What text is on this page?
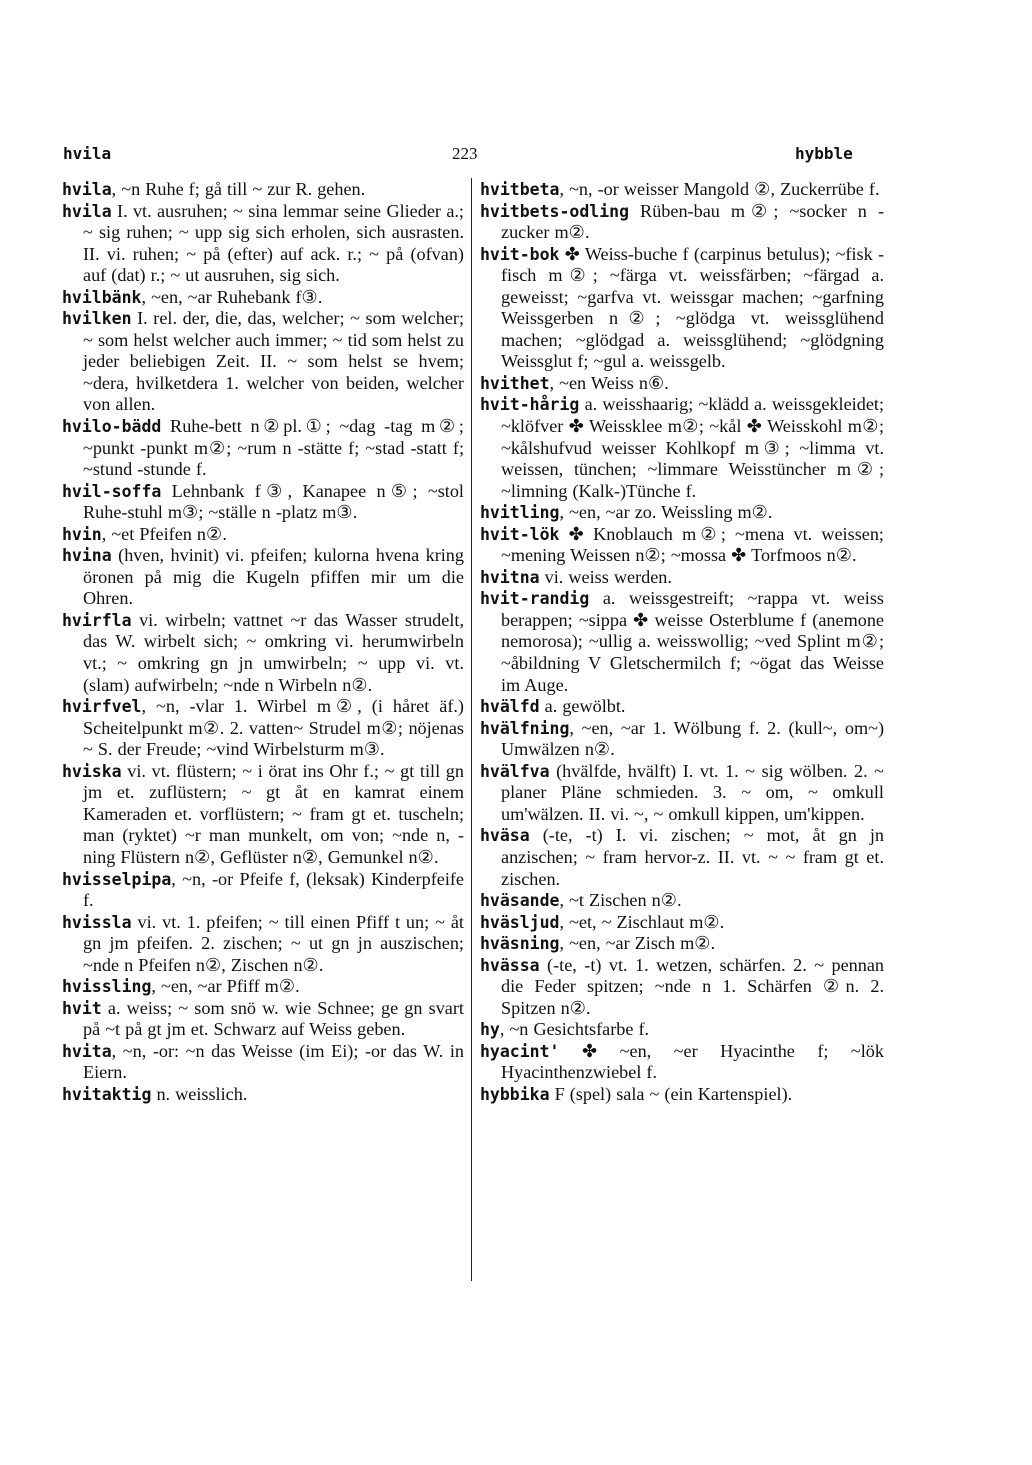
hvila	223	hybble

hvila, ~n Ruhe f; gå till ~ zur R. gehen.

hvila I. vt. ausruhen; ~ sina lemmar seine Glieder a.; ~ sig ruhen; ~ upp sig sich erholen, sich ausrasten. II. vi. ruhen; ~ på (efter) auf ack. r.; ~ på (ofvan) auf (dat) r.; ~ ut ausruhen, sig sich.

hvilbänk, ~en, ~ar Ruhebank f③.

hvilken I. rel. der, die, das, welcher; ~ som welcher; ~ som helst welcher auch immer; ~ tid som helst zu jeder beliebigen Zeit. II. ~ som helst se hvem; ~dera, hvilketdera 1. welcher von beiden, welcher von allen.

hvilo-bädd Ruhe-bett n②pl.①; ~dag -tag m②; ~punkt -punkt m②; ~rum n -stätte f; ~stad -statt f; ~stund -stunde f.

hvil-soffa Lehnbank f③, Kanapee n⑤; ~stol Ruhe-stuhl m③; ~ställe n -platz m③.

hvin, ~et Pfeifen n②.

hvina (hven, hvinit) vi. pfeifen; kulorna hvena kring öronen på mig die Kugeln pfiffen mir um die Ohren.

hvirfla vi. wirbeln; vattnet ~r das Wasser strudelt, das W. wirbelt sich; ~ omkring vi. herumwirbeln vt.; ~ omkring gn jn umwirbeln; ~ upp vi. vt. (slam) aufwirbeln; ~nde n Wirbeln n②.

hvirfvel, ~n, -vlar 1. Wirbel m②, (i håret äf.) Scheitelpunkt m②. 2. vatten~ Strudel m②; nöjenas ~ S. der Freude; ~vind Wirbelsturm m③.

hviska vi. vt. flüstern; ~ i örat ins Ohr f.; ~ gt till gn jm et. zuflüstern; ~ gt åt en kamrat einem Kameraden et. vorflüstern; ~ fram gt et. tuscheln; man (ryktet) ~r man munkelt, om von; ~nde n, -ning Flüstern n②, Geflüster n②, Gemunkel n②.

hvisselpipa, ~n, -or Pfeife f, (leksak) Kinderpfeife f.

hvissla vi. vt. 1. pfeifen; ~ till einen Pfiff t un; ~ åt gn jm pfeifen. 2. zischen; ~ ut gn jn auszischen; ~nde n Pfeifen n②, Zischen n②.

hvissling, ~en, ~ar Pfiff m②.

hvit a. weiss; ~ som snö w. wie Schnee; ge gn svart på ~t på gt jm et. Schwarz auf Weiss geben.

hvita, ~n, -or: ~n das Weisse (im Ei); -or das W. in Eiern.

hvitaktig n. weisslich.

hvitbeta, ~n, -or weisser Mangold ②, Zuckerrübe f.

hvitbets-odling Rüben-bau m②; ~socker n -zucker m②.

hvit-bok ✤ Weiss-buche f (carpinus betulus); ~fisk -fisch m②; ~färga vt. weissfärben; ~färgad a. geweisst; ~garfva vt. weissgar machen; ~garfning Weissgerben n②; ~glödga vt. weissglühend machen; ~glödgad a. weissglühend; ~glödgning Weissglut f; ~gul a. weissgelb.

hvithet, ~en Weiss n⑥.

hvit-hårig a. weisshaarig; ~klädd a. weissgekleidet; ~klöfver ✤ Weissklee m②; ~kål ✤ Weisskohl m②; ~kålshufvud weisser Kohlkopf m③; ~limma vt. weissen, tünchen; ~limmare Weisstüncher m②; ~limning (Kalk-)Tünche f.

hvitling, ~en, ~ar zo. Weissling m②.

hvit-lök ✤ Knoblauch m②; ~mena vt. weissen; ~mening Weissen n②; ~mossa ✤ Torfmoos n②.

hvitna vi. weiss werden.

hvit-randig a. weissgestreift; ~rappa vt. weiss berappen; ~sippa ✤ weisse Osterblume f (anemone nemorosa); ~ullig a. weisswollig; ~ved Splint m②; ~åbildning V Gletschermilch f; ~ögat das Weisse im Auge.

hvälfd a. gewölbt.

hvälfning, ~en, ~ar 1. Wölbung f. 2. (kull~, om~) Umwälzen n②.

hvälfva (hvälfde, hvälft) I. vt. 1. ~ sig wölben. 2. ~ planer Pläne schmieden. 3. ~ om, ~ omkull um'wälzen. II. vi. ~, ~ omkull kippen, um'kippen.

hväsa (-te, -t) I. vi. zischen; ~ mot, åt gn jn anzischen; ~ fram hervor-z. II. vt. ~ ~ fram gt et. zischen.

hväsande, ~t Zischen n②.

hväsljud, ~et, ~ Zischlaut m②.

hväsning, ~en, ~ar Zisch m②.

hvässa (-te, -t) vt. 1. wetzen, schärfen. 2. ~ pennan die Feder spitzen; ~nde n 1. Schärfen ②n. 2. Spitzen n②.

hy, ~n Gesichtsfarbe f.

hyacint' ✤ ~en, ~er Hyacinthe f; ~lök Hyacinthenzwiebel f.

hybbika F (spel) sala ~ (ein Kartenspiel).
